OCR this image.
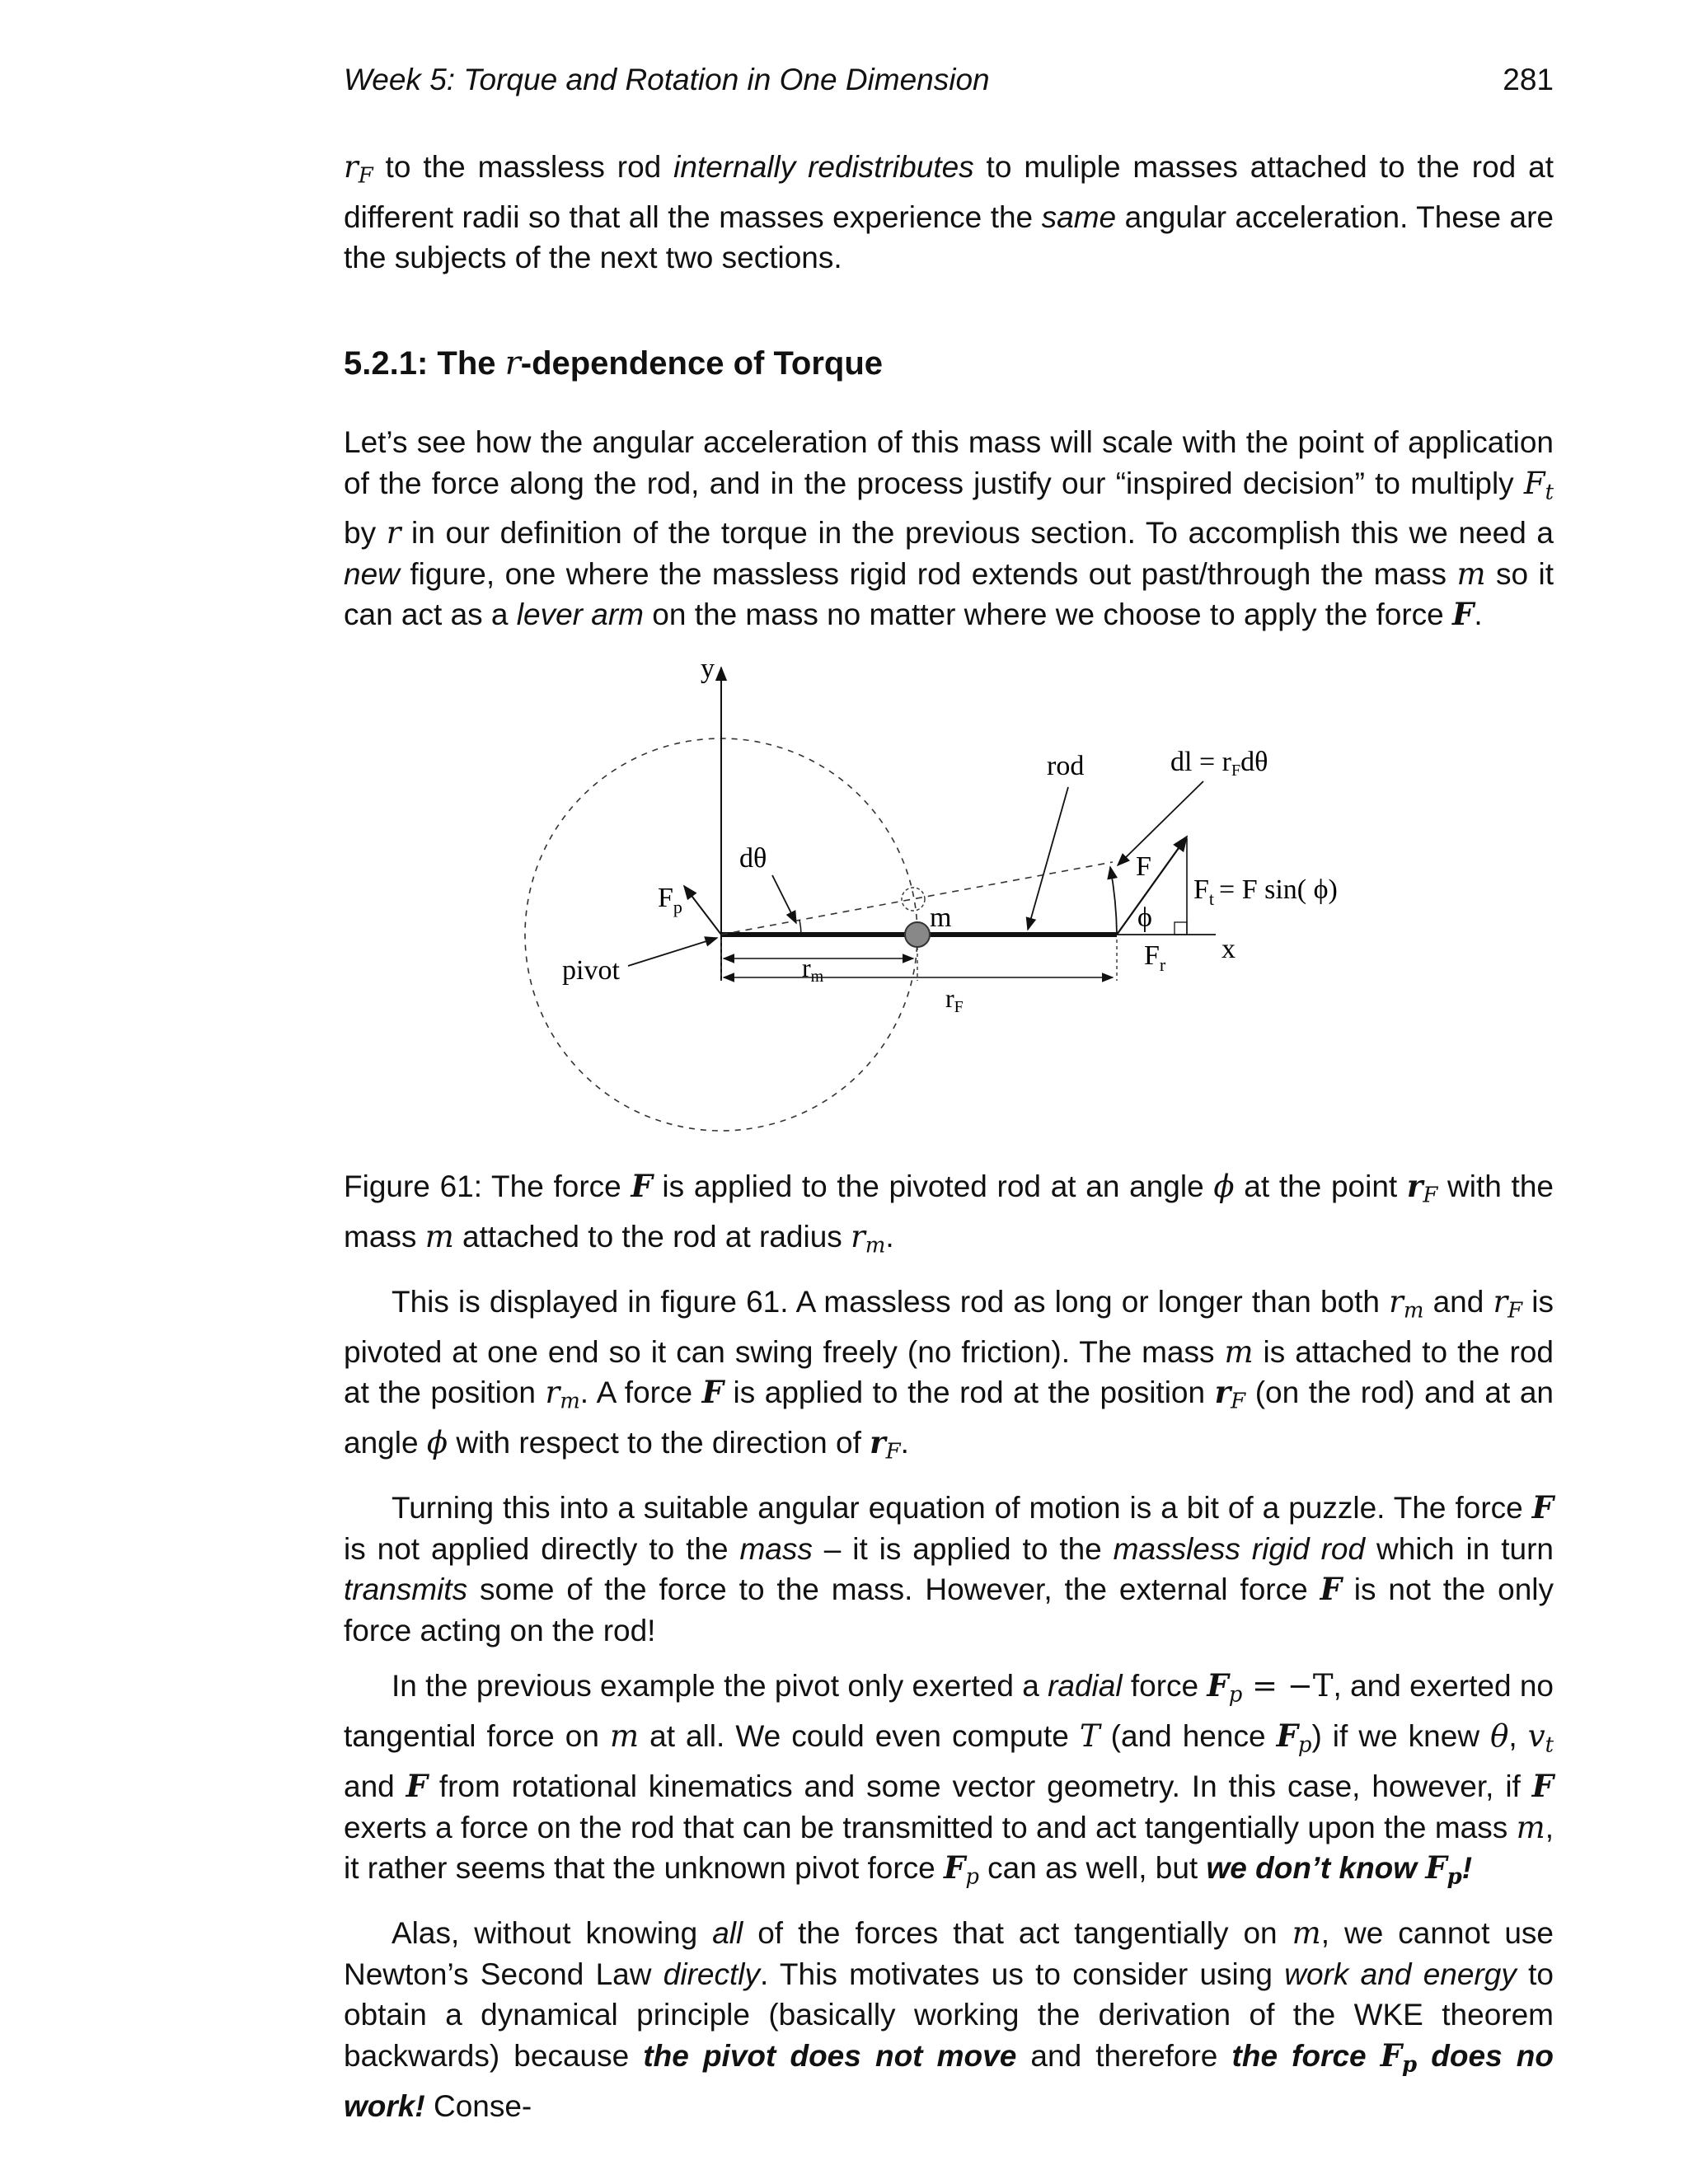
Week 5: Torque and Rotation in One Dimension	281

$r_F$ to the massless rod internally redistributes to muliple masses attached to the rod at different radii so that all the masses experience the same angular acceleration. These are the subjects of the next two sections.

5.2.1: The r-dependence of Torque

Let’s see how the angular acceleration of this mass will scale with the point of application of the force along the rod, and in the process justify our “inspired decision” to multiply $F_t$ by r in our definition of the torque in the previous section. To accomplish this we need a new figure, one where the massless rigid rod extends out past/through the mass m so it can act as a lever arm on the mass no matter where we choose to apply the force F.

y
x
m
dθ
$F_p$
pivot	rm
rF
rod	dl = rFdθ
F
$F_t = F$ sin( ϕ)
ϕ
$F_r$
Figure 61: The force F is applied to the pivoted rod at an angle ϕ at the point $r_F$ with the mass m attached to the rod at radius $r_m$.

This is displayed in figure 61. A massless rod as long or longer than both $r_m$ and $r_F$ is pivoted at one end so it can swing freely (no friction). The mass m is attached to the rod at the position $r_m$. A force F is applied to the rod at the position $r_F$ (on the rod) and at an angle ϕ with respect to the direction of $r_F$.

Turning this into a suitable angular equation of motion is a bit of a puzzle. The force F is not applied directly to the mass – it is applied to the massless rigid rod which in turn transmits some of the force to the mass. However, the external force F is not the only force acting on the rod!

In the previous example the pivot only exerted a radial force $F_p = -T$, and exerted no tangential force on m at all. We could even compute T (and hence $F_p$) if we knew θ, $v_t$ and F from rotational kinematics and some vector geometry. In this case, however, if F exerts a force on the rod that can be transmitted to and act tangentially upon the mass m, it rather seems that the unknown pivot force $F_p$ can as well, but we don’t know $F_p$!

Alas, without knowing all of the forces that act tangentially on m, we cannot use Newton’s Second Law directly. This motivates us to consider using work and energy to obtain a dynamical principle (basically working the derivation of the WKE theorem backwards) because the pivot does not move and therefore the force $F_p$ does no work! Conse-
